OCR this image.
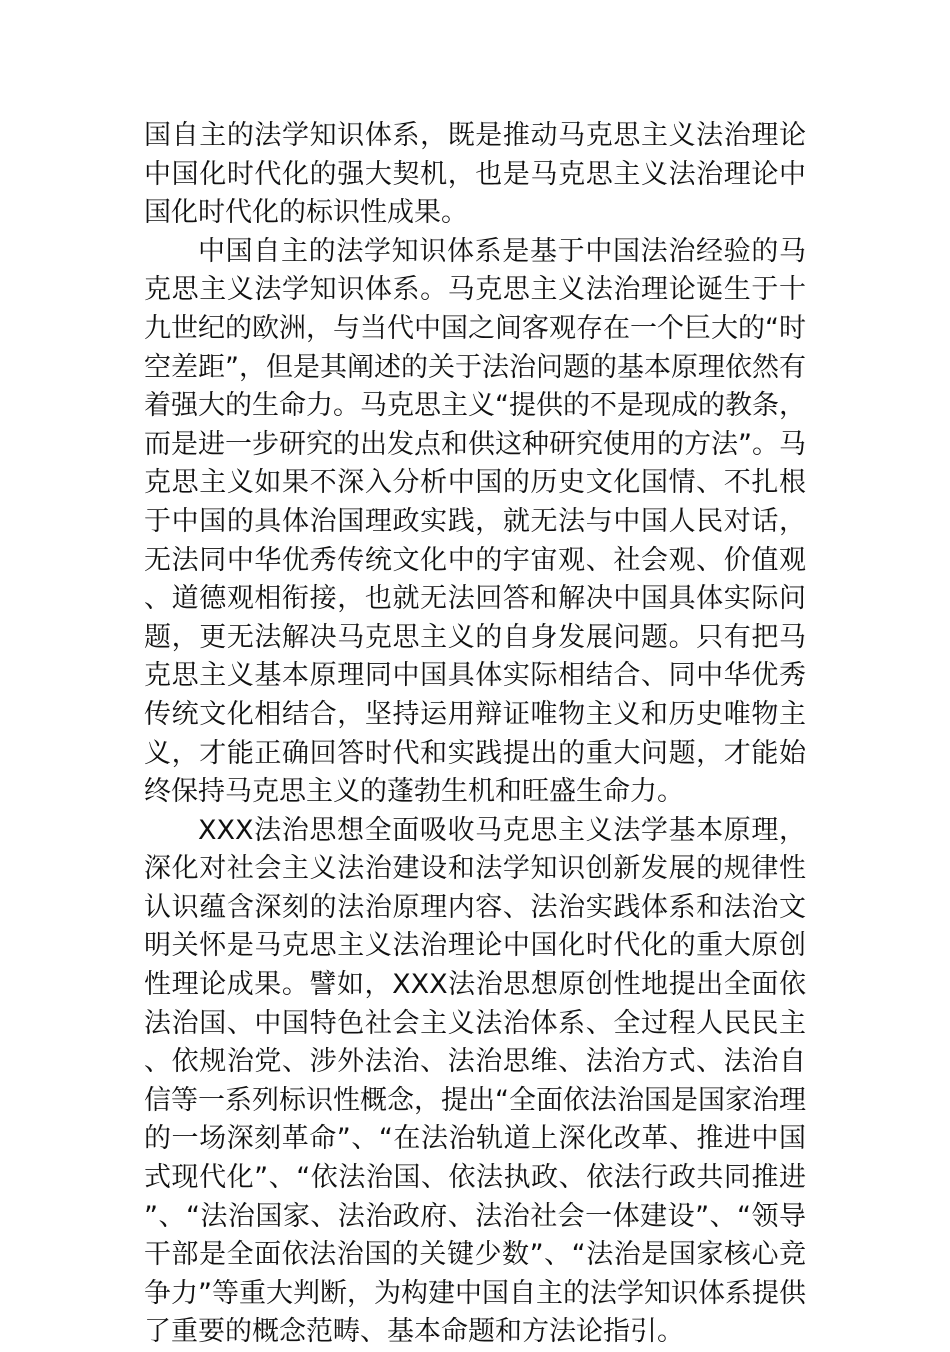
国自主的法学知识体系，既是推动马克思主义法治理论中国化时代化的强大契机，也是马克思主义法治理论中国化时代化的标识性成果。

中国自主的法学知识体系是基于中国法治经验的马克思主义法学知识体系。马克思主义法治理论诞生于十九世纪的欧洲，与当代中国之间客观存在一个巨大的“时空差距”，但是其阐述的关于法治问题的基本原理依然有着强大的生命力。马克思主义“提供的不是现成的教条，而是进一步研究的出发点和供这种研究使用的方法”。马克思主义如果不深入分析中国的历史文化国情、不扎根于中国的具体治国理政实践，就无法与中国人民对话，无法同中华优秀传统文化中的宇宙观、社会观、价值观、道德观相衔接，也就无法回答和解决中国具体实际问题，更无法解决马克思主义的自身发展问题。只有把马克思主义基本原理同中国具体实际相结合、同中华优秀传统文化相结合，坚持运用辩证唯物主义和历史唯物主义，才能正确回答时代和实践提出的重大问题，才能始终保持马克思主义的蓬勃生机和旺盛生命力。

XXX法治思想全面吸收马克思主义法学基本原理，深化对社会主义法治建设和法学知识创新发展的规律性认识蕴含深刻的法治原理内容、法治实践体系和法治文明关怀是马克思主义法治理论中国化时代化的重大原创性理论成果。譬如，XXX法治思想原创性地提出全面依法治国、中国特色社会主义法治体系、全过程人民民主、依规治党、涉外法治、法治思维、法治方式、法治自信等一系列标识性概念，提出“全面依法治国是国家治理的一场深刻革命”、“在法治轨道上深化改革、推进中国式现代化”、“依法治国、依法执政、依法行政共同推进”、“法治国家、法治政府、法治社会一体建设”、“领导干部是全面依法治国的关键少数”、“法治是国家核心竞争力”等重大判断，为构建中国自主的法学知识体系提供了重要的概念范畴、基本命题和方法论指引。
